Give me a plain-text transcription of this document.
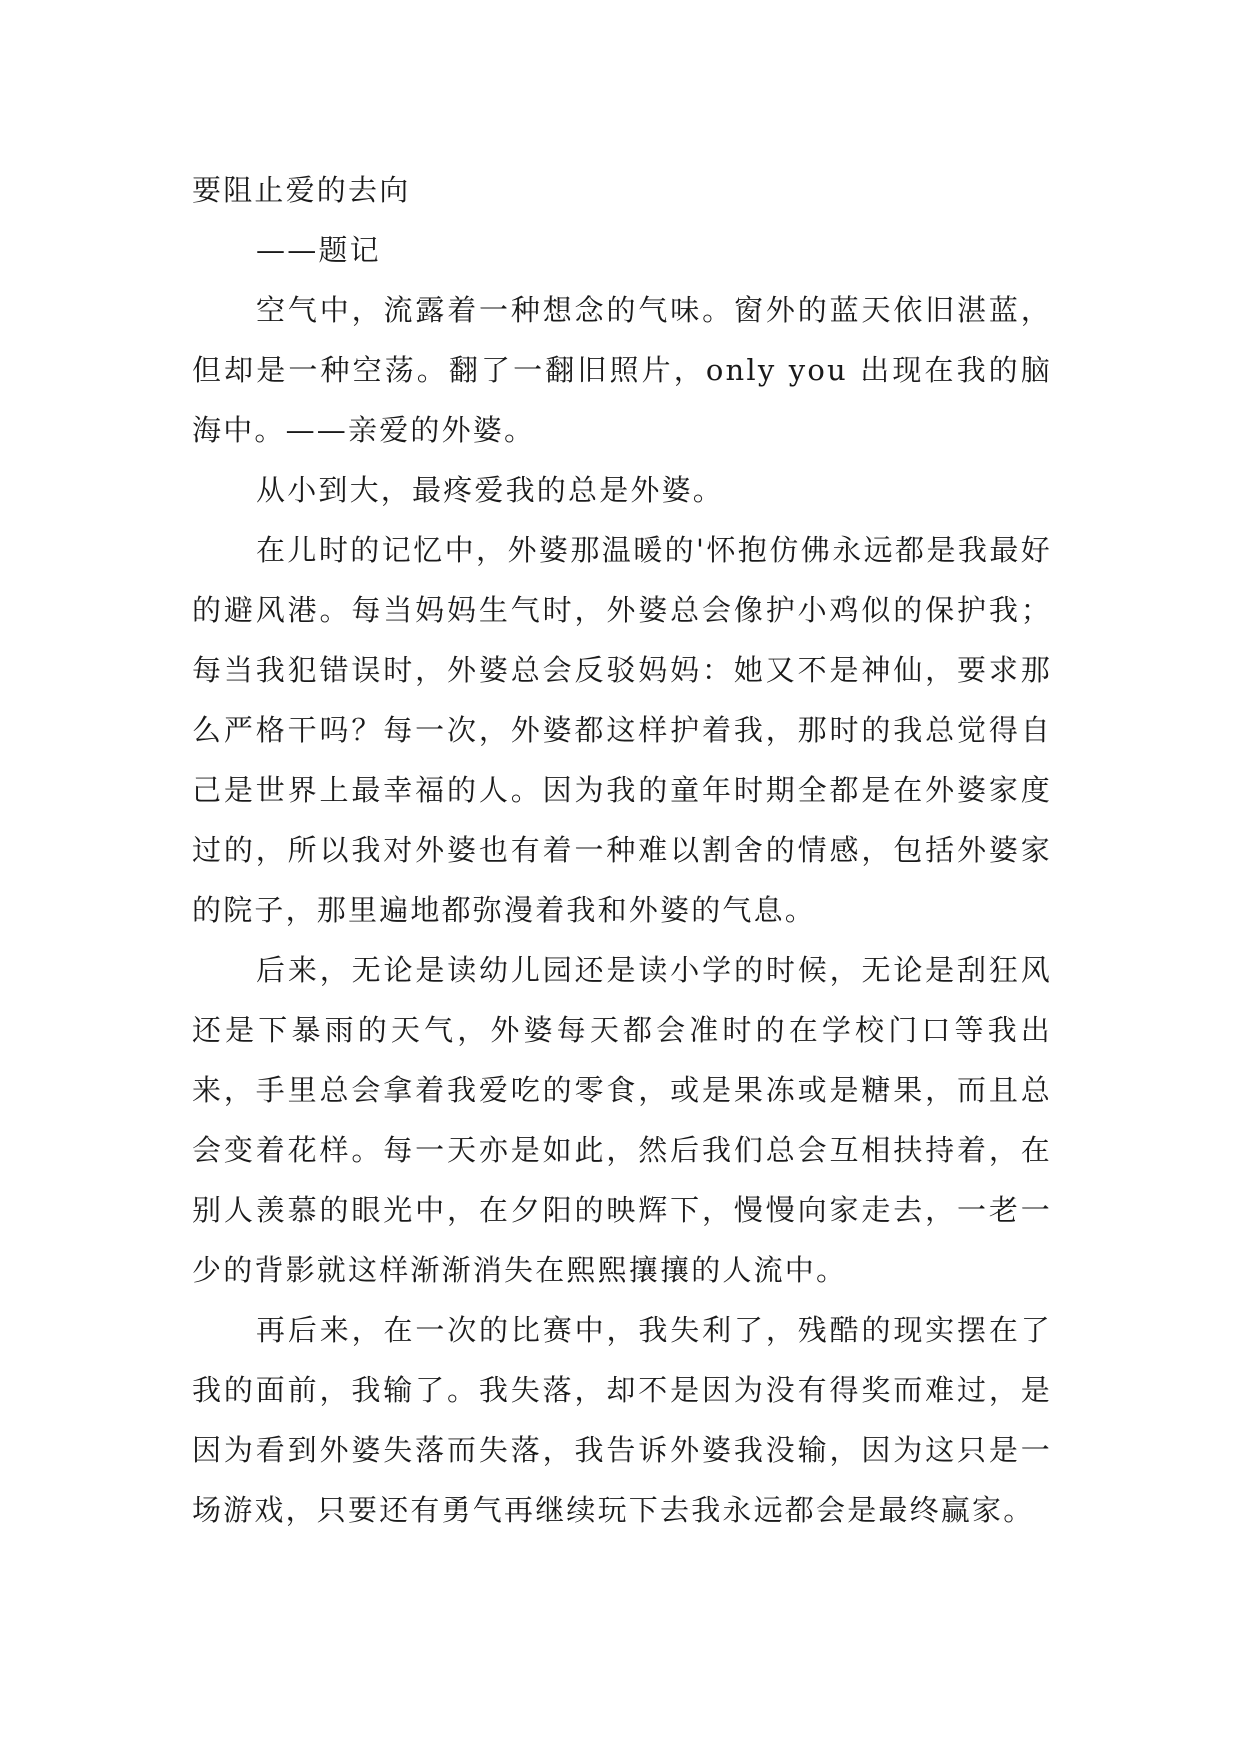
要阻止爱的去向

——题记

空气中，流露着一种想念的气味。窗外的蓝天依旧湛蓝，但却是一种空荡。翻了一翻旧照片，only you 出现在我的脑海中。——亲爱的外婆。

从小到大，最疼爱我的总是外婆。

在儿时的记忆中，外婆那温暖的'怀抱仿佛永远都是我最好的避风港。每当妈妈生气时，外婆总会像护小鸡似的保护我；每当我犯错误时，外婆总会反驳妈妈：她又不是神仙，要求那么严格干吗？每一次，外婆都这样护着我，那时的我总觉得自己是世界上最幸福的人。因为我的童年时期全都是在外婆家度过的，所以我对外婆也有着一种难以割舍的情感，包括外婆家的院子，那里遍地都弥漫着我和外婆的气息。

后来，无论是读幼儿园还是读小学的时候，无论是刮狂风还是下暴雨的天气，外婆每天都会准时的在学校门口等我出来，手里总会拿着我爱吃的零食，或是果冻或是糖果，而且总会变着花样。每一天亦是如此，然后我们总会互相扶持着，在别人羡慕的眼光中，在夕阳的映辉下，慢慢向家走去，一老一少的背影就这样渐渐消失在熙熙攘攘的人流中。

再后来，在一次的比赛中，我失利了，残酷的现实摆在了我的面前，我输了。我失落，却不是因为没有得奖而难过，是因为看到外婆失落而失落，我告诉外婆我没输，因为这只是一场游戏，只要还有勇气再继续玩下去我永远都会是最终赢家。
